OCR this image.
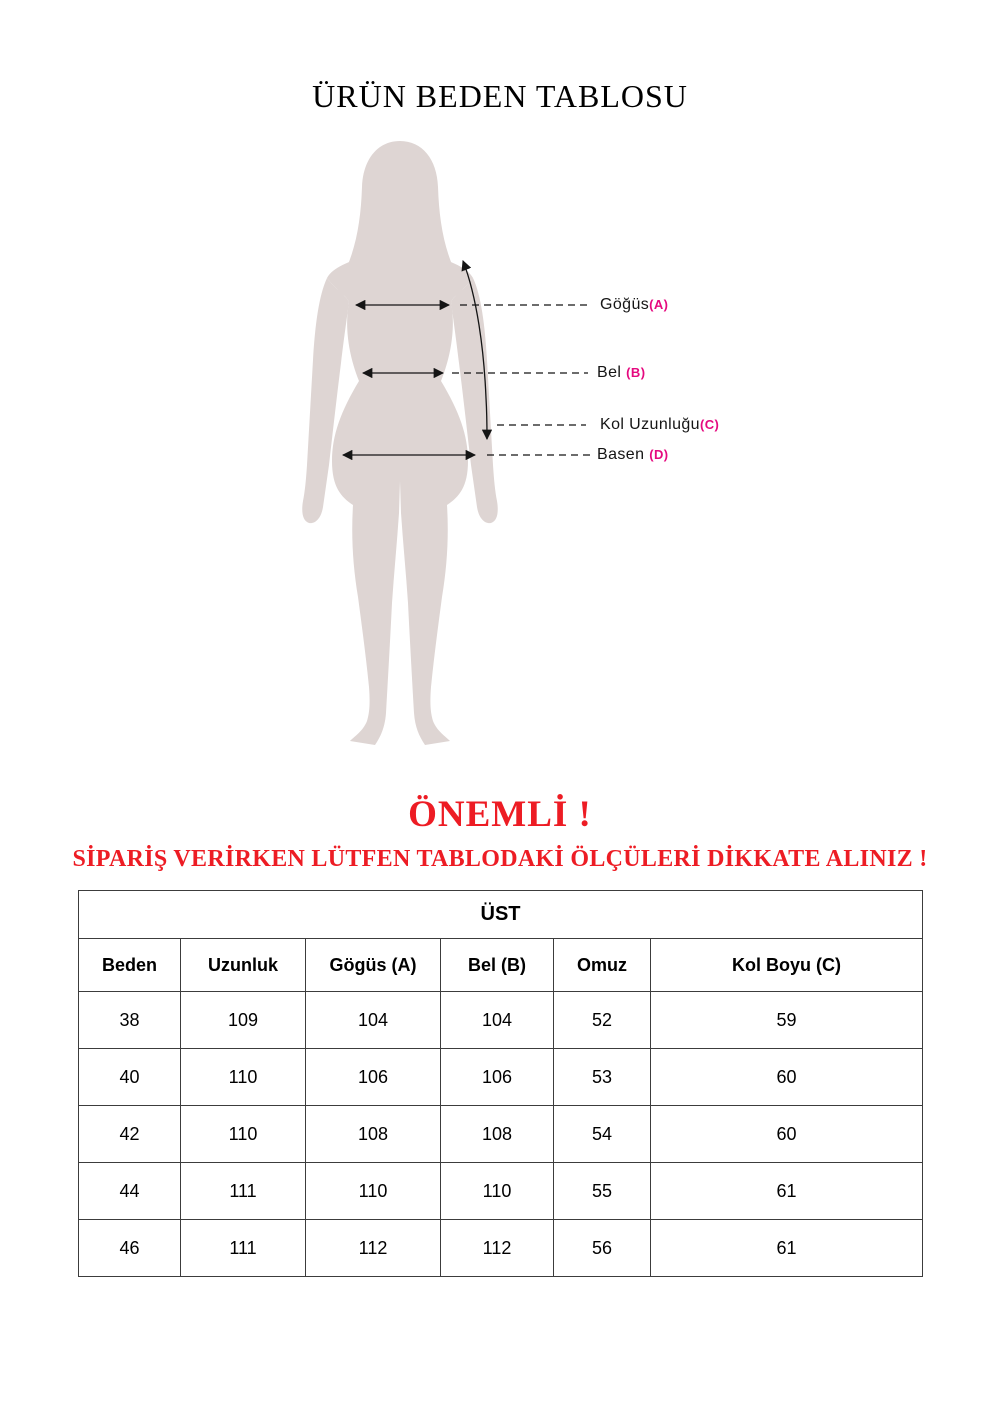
ÜRÜN BEDEN TABLOSU
Göğüs(A)
Bel (B)
Kol Uzunluğu(C)
Basen (D)
ÖNEMLİ !
SİPARİŞ VERİRKEN LÜTFEN TABLODAKİ ÖLÇÜLERİ DİKKATE ALINIZ !
ÜST					
Beden	Uzunluk	Gögüs (A)	Bel (B)	Omuz	Kol Boyu (C)
38	109	104	104	52	59
40	110	106	106	53	60
42	110	108	108	54	60
44	111	110	110	55	61
46	111	112	112	56	61
